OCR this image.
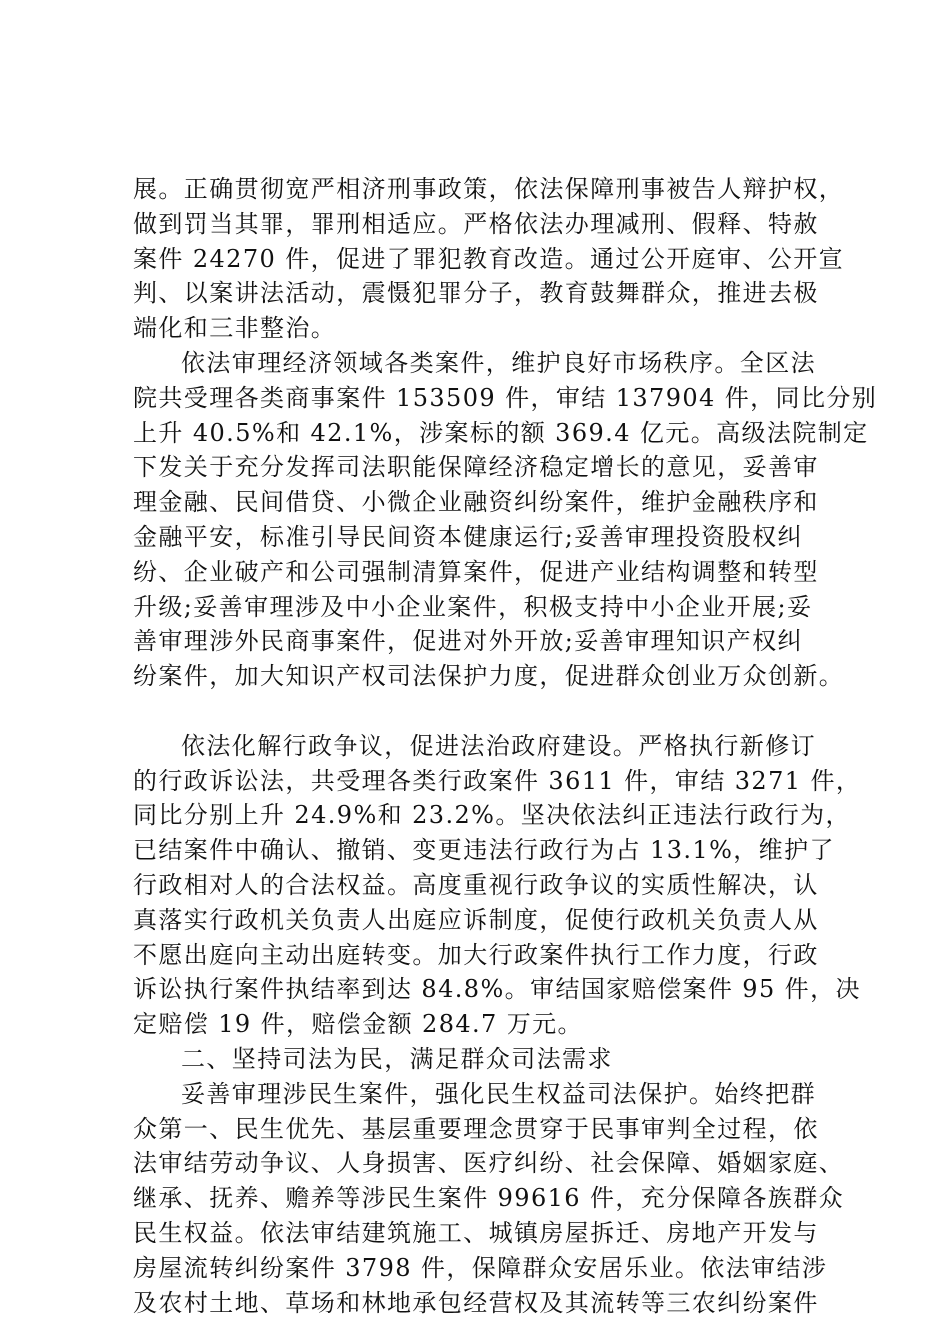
展。正确贯彻宽严相济刑事政策，依法保障刑事被告人辩护权，
做到罚当其罪，罪刑相适应。严格依法办理减刑、假释、特赦
案件 24270 件，促进了罪犯教育改造。通过公开庭审、公开宣
判、以案讲法活动，震慑犯罪分子，教育鼓舞群众，推进去极
端化和三非整治。
依法审理经济领域各类案件，维护良好市场秩序。全区法
院共受理各类商事案件 153509 件，审结 137904 件，同比分别
上升 40.5%和 42.1%，涉案标的额 369.4 亿元。高级法院制定
下发关于充分发挥司法职能保障经济稳定增长的意见，妥善审
理金融、民间借贷、小微企业融资纠纷案件，维护金融秩序和
金融平安，标准引导民间资本健康运行;妥善审理投资股权纠
纷、企业破产和公司强制清算案件，促进产业结构调整和转型
升级;妥善审理涉及中小企业案件，积极支持中小企业开展;妥
善审理涉外民商事案件，促进对外开放;妥善审理知识产权纠
纷案件，加大知识产权司法保护力度，促进群众创业万众创新。
依法化解行政争议，促进法治政府建设。严格执行新修订
的行政诉讼法，共受理各类行政案件 3611 件，审结 3271 件，
同比分别上升 24.9%和 23.2%。坚决依法纠正违法行政行为，
已结案件中确认、撤销、变更违法行政行为占 13.1%，维护了
行政相对人的合法权益。高度重视行政争议的实质性解决，认
真落实行政机关负责人出庭应诉制度，促使行政机关负责人从
不愿出庭向主动出庭转变。加大行政案件执行工作力度，行政
诉讼执行案件执结率到达 84.8%。审结国家赔偿案件 95 件，决
定赔偿 19 件，赔偿金额 284.7 万元。
二、坚持司法为民，满足群众司法需求
妥善审理涉民生案件，强化民生权益司法保护。始终把群
众第一、民生优先、基层重要理念贯穿于民事审判全过程，依
法审结劳动争议、人身损害、医疗纠纷、社会保障、婚姻家庭、
继承、抚养、赡养等涉民生案件 99616 件，充分保障各族群众
民生权益。依法审结建筑施工、城镇房屋拆迁、房地产开发与
房屋流转纠纷案件 3798 件，保障群众安居乐业。依法审结涉
及农村土地、草场和林地承包经营权及其流转等三农纠纷案件
